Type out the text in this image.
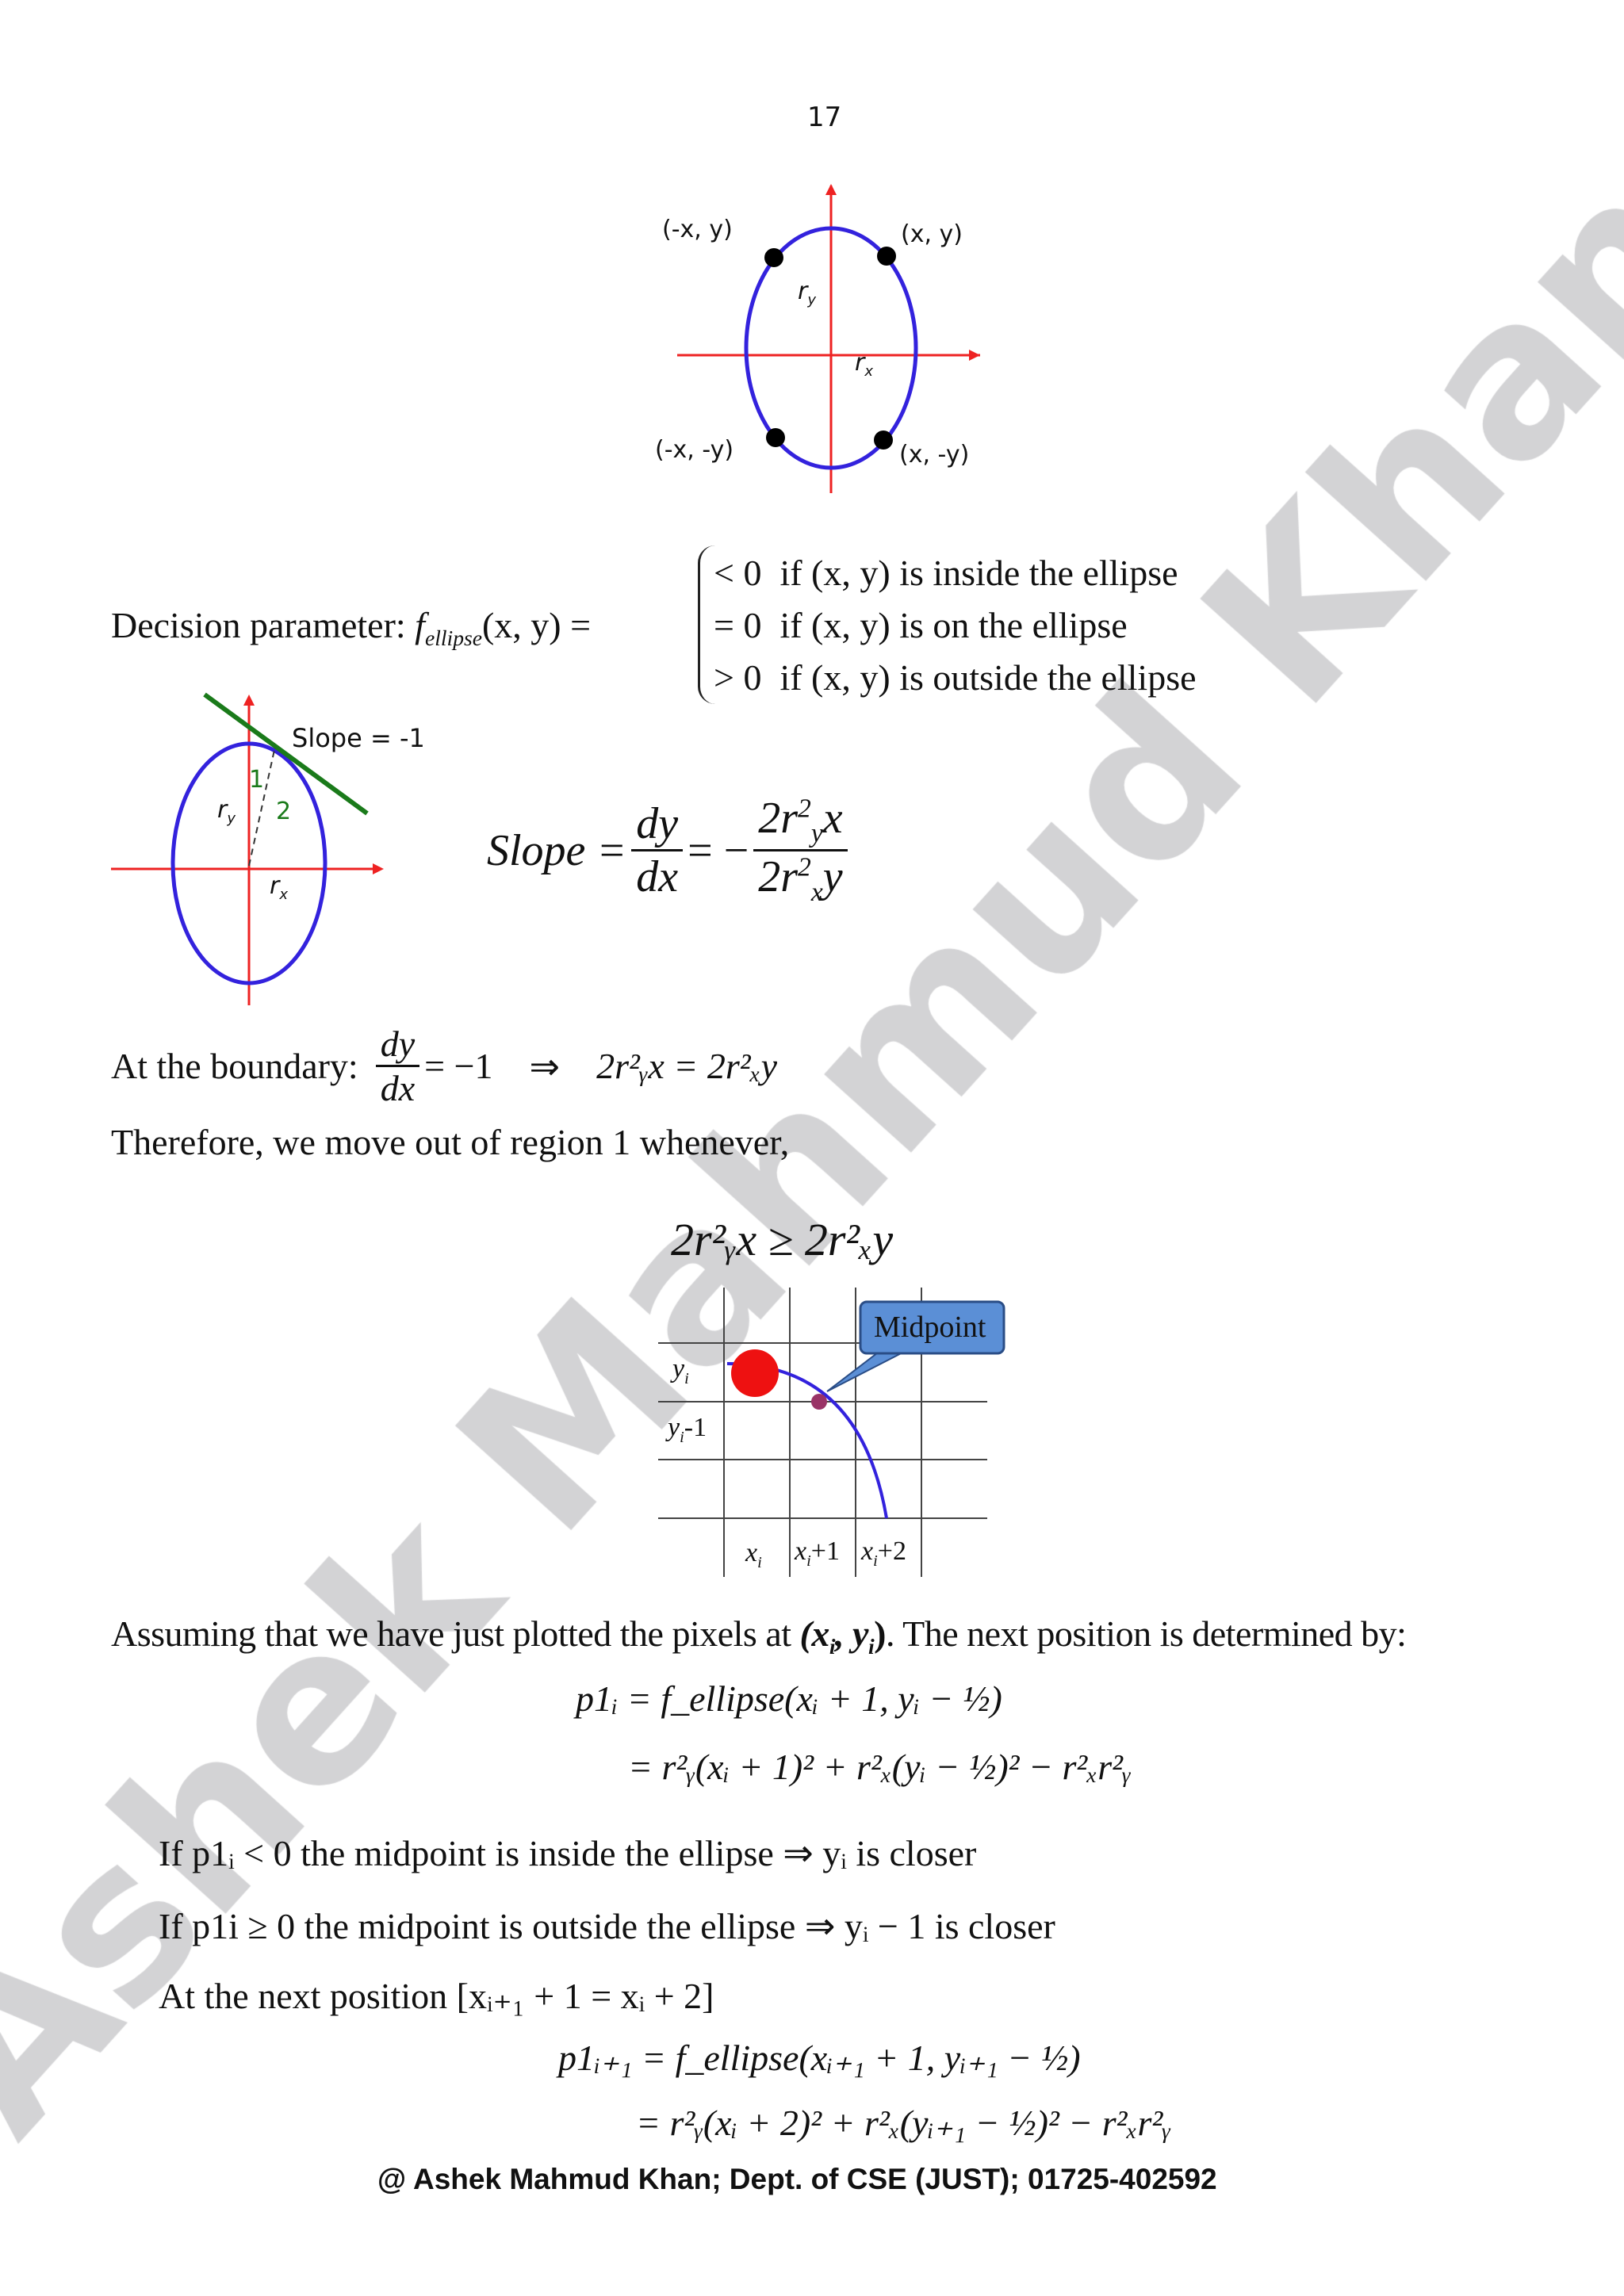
17
(-x, y)	(x, y)
(-x, -y)	(x, -y)
$r_y$
$r_x$
Decision parameter: $f_{ellipse}(x$, y) =
< 0 if (x, y) is inside the ellipse
= 0 if (x, y) is on the ellipse
> 0 if (x, y) is outside the ellipse
Slope = -1
1
2
$r_y$
$r_x$
Slope = $\frac{dy}{dx}$ = − $\frac{2r^2_yx}{2r^2_xy}$
At the boundary: $\frac{dy}{dx} = -1$ ⇒ 2r²ᵧx = 2r²ₓy
Therefore, we move out of region 1 whenever,
2r²ᵧx ≥ 2r²ₓy
Midpoint
$y_i$
$y_i-1$
$x_i$ $x_i+1$ $x_i+2$
Assuming that we have just plotted the pixels at ($x_i$, $y_i$). The next position is determined by:
p1ᵢ = f_ellipse(xᵢ + 1, yᵢ − ½)
= r²ᵧ(xᵢ + 1)² + r²ₓ(yᵢ − ½)² − r²ₓr²ᵧ
If p1ᵢ < 0 the midpoint is inside the ellipse ⇒ yᵢ is closer
If p1i ≥ 0 the midpoint is outside the ellipse ⇒ yᵢ − 1 is closer
At the next position [xᵢ₊₁ + 1 = xᵢ + 2]
p1ᵢ₊₁ = f_ellipse(xᵢ₊₁ + 1, yᵢ₊₁ − ½)
= r²ᵧ(xᵢ + 2)² + r²ₓ(yᵢ₊₁ − ½)² − r²ₓr²ᵧ
@ Ashek Mahmud Khan; Dept. of CSE (JUST); 01725-402592
